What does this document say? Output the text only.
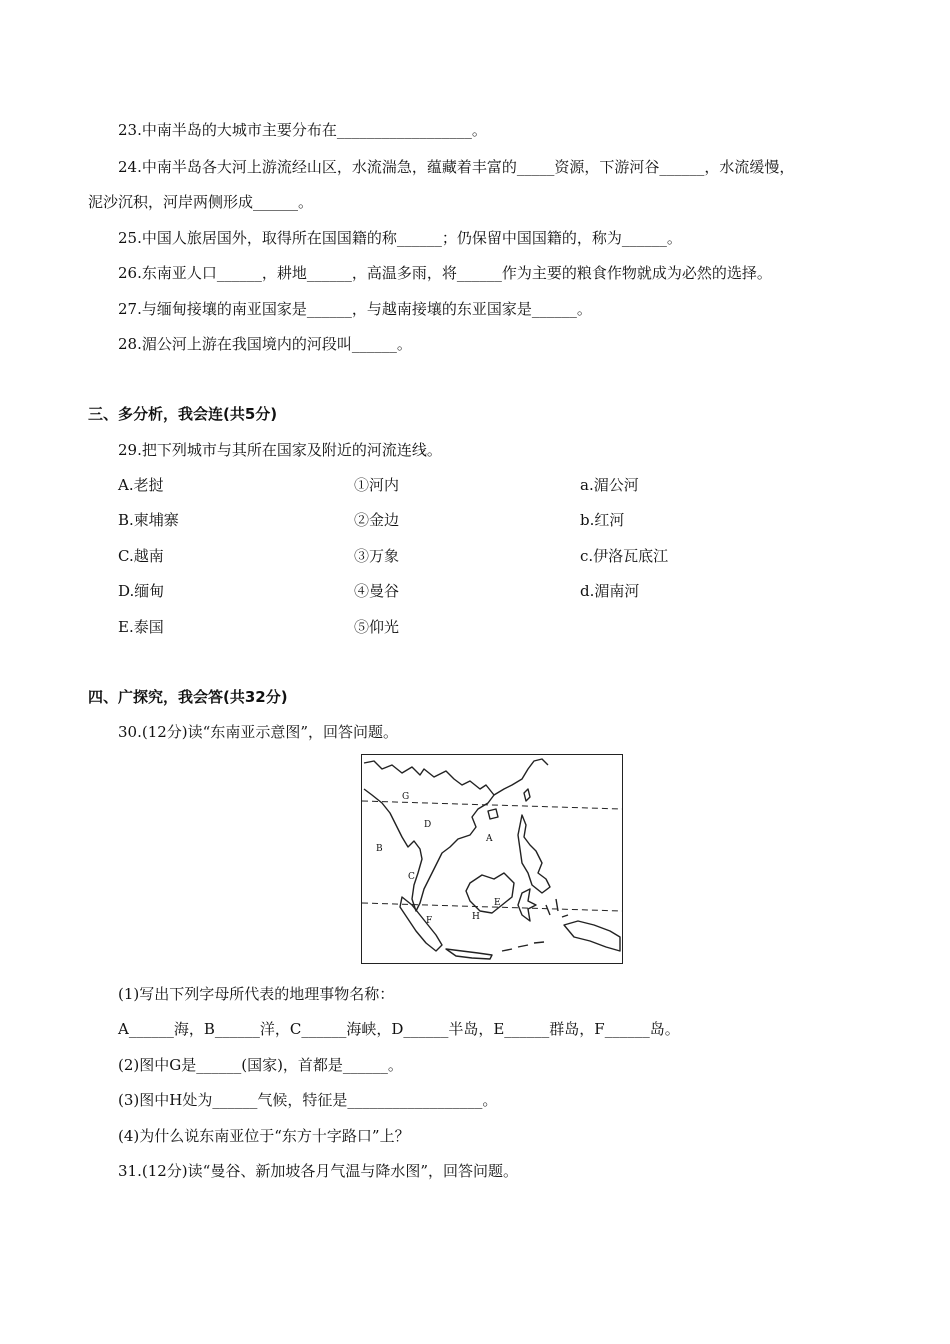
23.中南半岛的大城市主要分布在__________________。
24.中南半岛各大河上游流经山区，水流湍急，蕴藏着丰富的_____资源，下游河谷______，水流缓慢，
泥沙沉积，河岸两侧形成______。
25.中国人旅居国外，取得所在国国籍的称______；仍保留中国国籍的，称为______。
26.东南亚人口______，耕地______，高温多雨，将______作为主要的粮食作物就成为必然的选择。
27.与缅甸接壤的南亚国家是______，与越南接壤的东亚国家是______。
28.湄公河上游在我国境内的河段叫______。
三、多分析，我会连(共5分)
29.把下列城市与其所在国家及附近的河流连线。
A.老挝	①河内	a.湄公河
B.柬埔寨	②金边	b.红河
C.越南	③万象	c.伊洛瓦底江
D.缅甸	④曼谷	d.湄南河
E.泰国	⑤仰光
四、广探究，我会答(共32分)
30.(12分)读“东南亚示意图”，回答问题。
G
D
A
B
C
E
F	H
(1)写出下列字母所代表的地理事物名称：
A______海，B______洋，C______海峡，D______半岛，E______群岛，F______岛。
(2)图中G是______(国家)，首都是______。
(3)图中H处为______气候，特征是__________________。
(4)为什么说东南亚位于“东方十字路口”上？
31.(12分)读“曼谷、新加坡各月气温与降水图”，回答问题。
